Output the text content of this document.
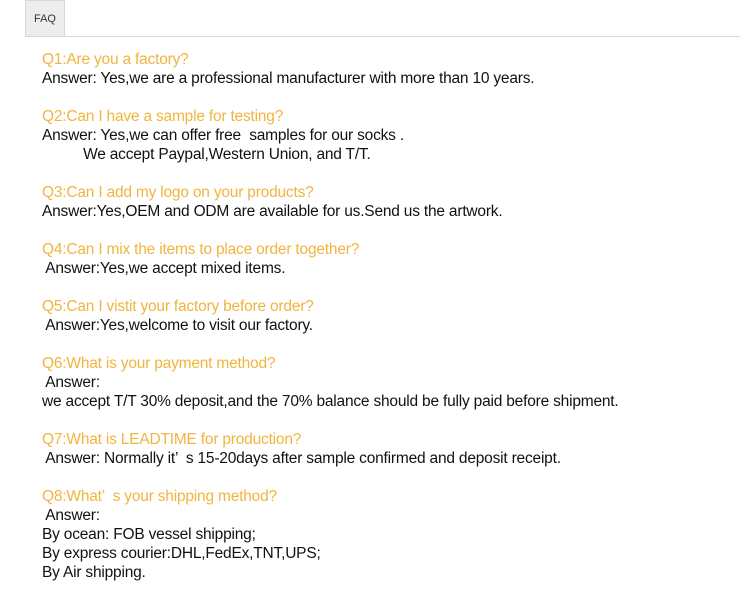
FAQ
Q1:Are you a factory?
Answer: Yes,we are a professional manufacturer with more than 10 years.
Q2:Can I have a sample for testing?
Answer: Yes,we can offer free  samples for our socks .
We accept Paypal,Western Union, and T/T.
Q3:Can I add my logo on your products?
Answer:Yes,OEM and ODM are available for us.Send us the artwork.
Q4:Can I mix the items to place order together?
Answer:Yes,we accept mixed items.
Q5:Can I vistit your factory before order?
Answer:Yes,welcome to visit our factory.
Q6:What is your payment method?
Answer:
we accept T/T 30% deposit,and the 70% balance should be fully paid before shipment.
Q7:What is LEADTIME for production?
Answer: Normally it’  s 15-20days after sample confirmed and deposit receipt.
Q8:What’  s your shipping method?
Answer:
By ocean: FOB vessel shipping;
By express courier:DHL,FedEx,TNT,UPS;
By Air shipping.
